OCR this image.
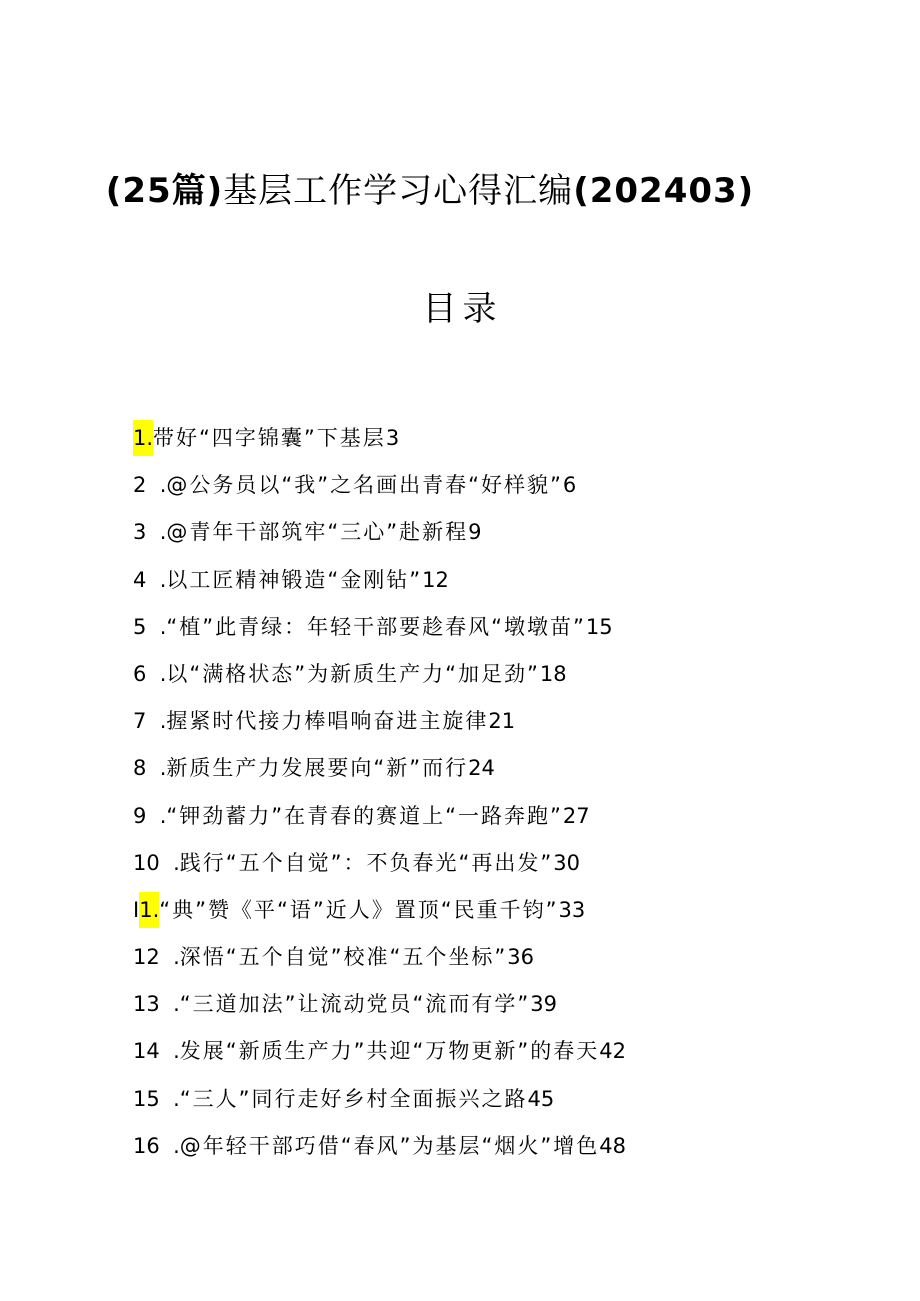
(25篇)基层工作学习心得汇编(202403)
目录
1.带好“四字锦囊”下基层3
2  .@公务员以“我”之名画出青春“好样貌”6
3  .@青年干部筑牢“三心”赴新程9
4  .以工匠精神锻造“金刚钻”12
5  .“植”此青绿：年轻干部要趁春风“墩墩苗”15
6  .以“满格状态”为新质生产力“加足劲”18
7  .握紧时代接力棒唱响奋进主旋律21
8  .新质生产力发展要向“新”而行24
9  .“钾劲蓄力”在青春的赛道上“一路奔跑”27
10  .践行“五个自觉”：不负春光“再出发”30
I1.“典”赞《平“语”近人》置顶“民重千钧”33
12  .深悟“五个自觉”校准“五个坐标”36
13  .“三道加法”让流动党员“流而有学”39
14  .发展“新质生产力”共迎“万物更新”的春天42
15  .“三人”同行走好乡村全面振兴之路45
16  .@年轻干部巧借“春风”为基层“烟火”增色48
